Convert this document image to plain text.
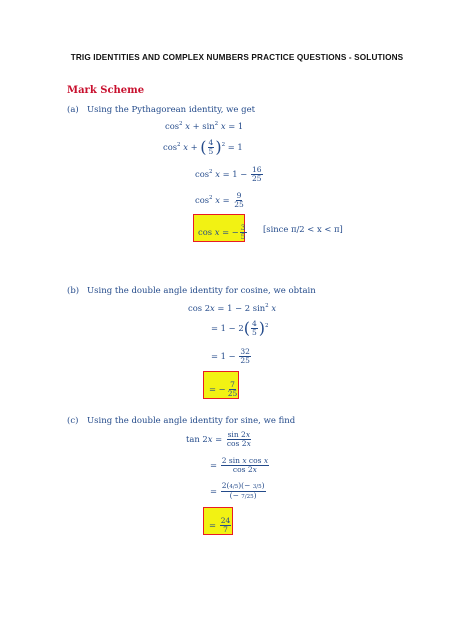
TRIG IDENTITIES AND COMPLEX NUMBERS PRACTICE QUESTIONS - SOLUTIONS
Mark Scheme
(a) Using the Pythagorean identity, we get
$\cos^2 x + \sin^2 x = 1$
$\cos^2 x$ + ( $\frac{4}{5} )^2 = 1$
$\cos^2 x = 1 - \frac{16}{25}$
$\cos^2 x = \frac{9}{25}$
cos x = − $\frac{3}{5}$ [since π/2 < x < π]
(b) Using the double angle identity for cosine, we obtain
cos 2x = 1 − 2 $\sin^2 x$
= $1 - 2( \frac{4}{5} )^2$
= $1 - \frac{32}{25}$
= − $\frac{7}{25}$
(c) Using the double angle identity for sine, we find
$\tan 2x = \frac{\sin 2x}{\cos 2x}$
= $\frac{\text{2 sin x cos x}}{\cos 2x}$
= $\frac{2(4/5)(- 3/5)}{(- 7/25)}$
= $\frac{24}{7}$
